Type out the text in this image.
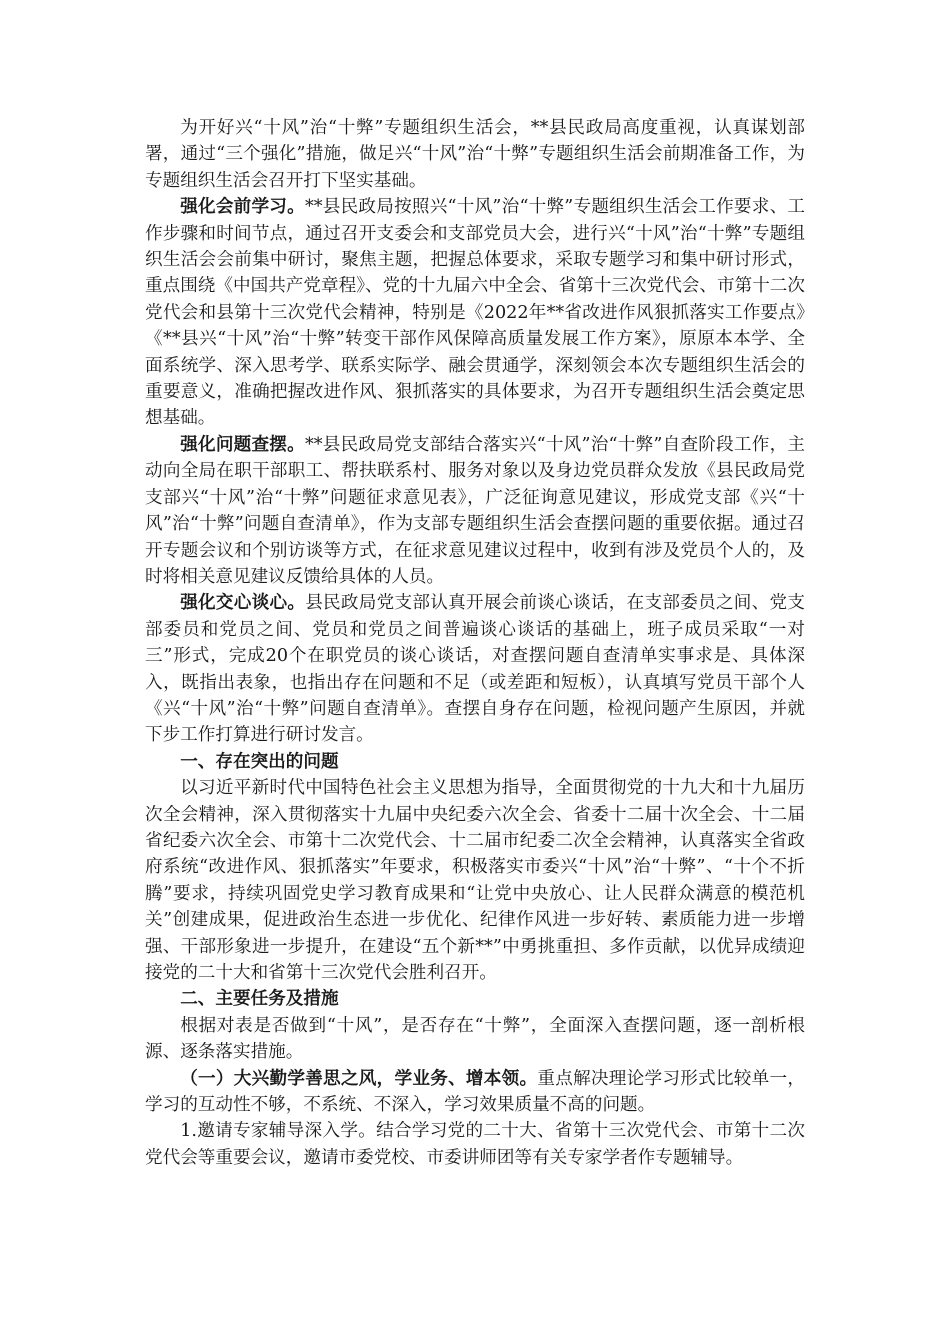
为开好兴“十风”治“十弊”专题组织生活会，**县民政局高度重视，认真谋划部署，通过“三个强化”措施，做足兴“十风”治“十弊”专题组织生活会前期准备工作，为专题组织生活会召开打下坚实基础。

强化会前学习。**县民政局按照兴“十风”治“十弊”专题组织生活会工作要求、工作步骤和时间节点，通过召开支委会和支部党员大会，进行兴“十风”治“十弊”专题组织生活会会前集中研讨，聚焦主题，把握总体要求，采取专题学习和集中研讨形式，重点围绕《中国共产党章程》、党的十九届六中全会、省第十三次党代会、市第十二次党代会和县第十三次党代会精神，特别是《2022年**省改进作风狠抓落实工作要点》《**县兴“十风”治“十弊”转变干部作风保障高质量发展工作方案》，原原本本学、全面系统学、深入思考学、联系实际学、融会贯通学，深刻领会本次专题组织生活会的重要意义，准确把握改进作风、狠抓落实的具体要求，为召开专题组织生活会奠定思想基础。

强化问题查摆。**县民政局党支部结合落实兴“十风”治“十弊”自查阶段工作，主动向全局在职干部职工、帮扶联系村、服务对象以及身边党员群众发放《县民政局党支部兴“十风”治“十弊”问题征求意见表》，广泛征询意见建议，形成党支部《兴“十风”治“十弊”问题自查清单》，作为支部专题组织生活会查摆问题的重要依据。通过召开专题会议和个别访谈等方式，在征求意见建议过程中，收到有涉及党员个人的，及时将相关意见建议反馈给具体的人员。

强化交心谈心。县民政局党支部认真开展会前谈心谈话，在支部委员之间、党支部委员和党员之间、党员和党员之间普遍谈心谈话的基础上，班子成员采取“一对三”形式，完成20个在职党员的谈心谈话，对查摆问题自查清单实事求是、具体深入，既指出表象，也指出存在问题和不足（或差距和短板），认真填写党员干部个人《兴“十风”治“十弊”问题自查清单》。查摆自身存在问题，检视问题产生原因，并就下步工作打算进行研讨发言。

一、存在突出的问题

以习近平新时代中国特色社会主义思想为指导，全面贯彻党的十九大和十九届历次全会精神，深入贯彻落实十九届中央纪委六次全会、省委十二届十次全会、十二届省纪委六次全会、市第十二次党代会、十二届市纪委二次全会精神，认真落实全省政府系统“改进作风、狠抓落实”年要求，积极落实市委兴“十风”治“十弊”、“十个不折腾”要求，持续巩固党史学习教育成果和“让党中央放心、让人民群众满意的模范机关”创建成果，促进政治生态进一步优化、纪律作风进一步好转、素质能力进一步增强、干部形象进一步提升，在建设“五个新**”中勇挑重担、多作贡献，以优异成绩迎接党的二十大和省第十三次党代会胜利召开。

二、主要任务及措施

根据对表是否做到“十风”，是否存在“十弊”，全面深入查摆问题，逐一剖析根源、逐条落实措施。

（一）大兴勤学善思之风，学业务、增本领。重点解决理论学习形式比较单一，学习的互动性不够，不系统、不深入，学习效果质量不高的问题。

1.邀请专家辅导深入学。结合学习党的二十大、省第十三次党代会、市第十二次党代会等重要会议，邀请市委党校、市委讲师团等有关专家学者作专题辅导。
